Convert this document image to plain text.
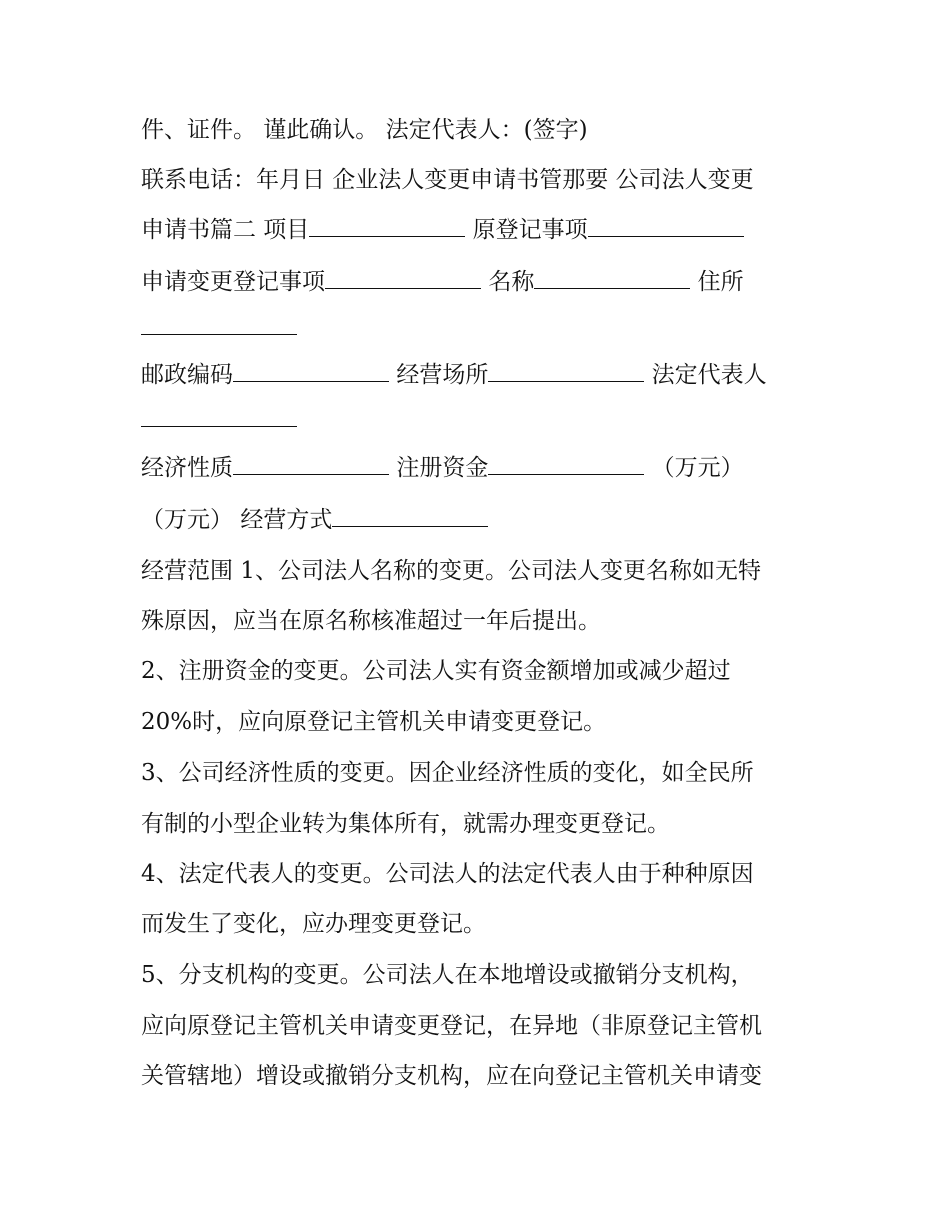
件、证件。 谨此确认。 法定代表人：(签字)
联系电话：年月日 企业法人变更申请书管那要 公司法人变更
申请书篇二 项目	原登记事项
申请变更登记事项	名称	住所
邮政编码	经营场所	法定代表人
经济性质	注册资金	（万元）
（万元） 经营方式
经营范围 1、公司法人名称的变更。公司法人变更名称如无特
殊原因，应当在原名称核准超过一年后提出。
2、注册资金的变更。公司法人实有资金额增加或减少超过
20%时，应向原登记主管机关申请变更登记。
3、公司经济性质的变更。因企业经济性质的变化，如全民所
有制的小型企业转为集体所有，就需办理变更登记。
4、法定代表人的变更。公司法人的法定代表人由于种种原因
而发生了变化，应办理变更登记。
5、分支机构的变更。公司法人在本地增设或撤销分支机构，
应向原登记主管机关申请变更登记，在异地（非原登记主管机
关管辖地）增设或撤销分支机构，应在向登记主管机关申请变
